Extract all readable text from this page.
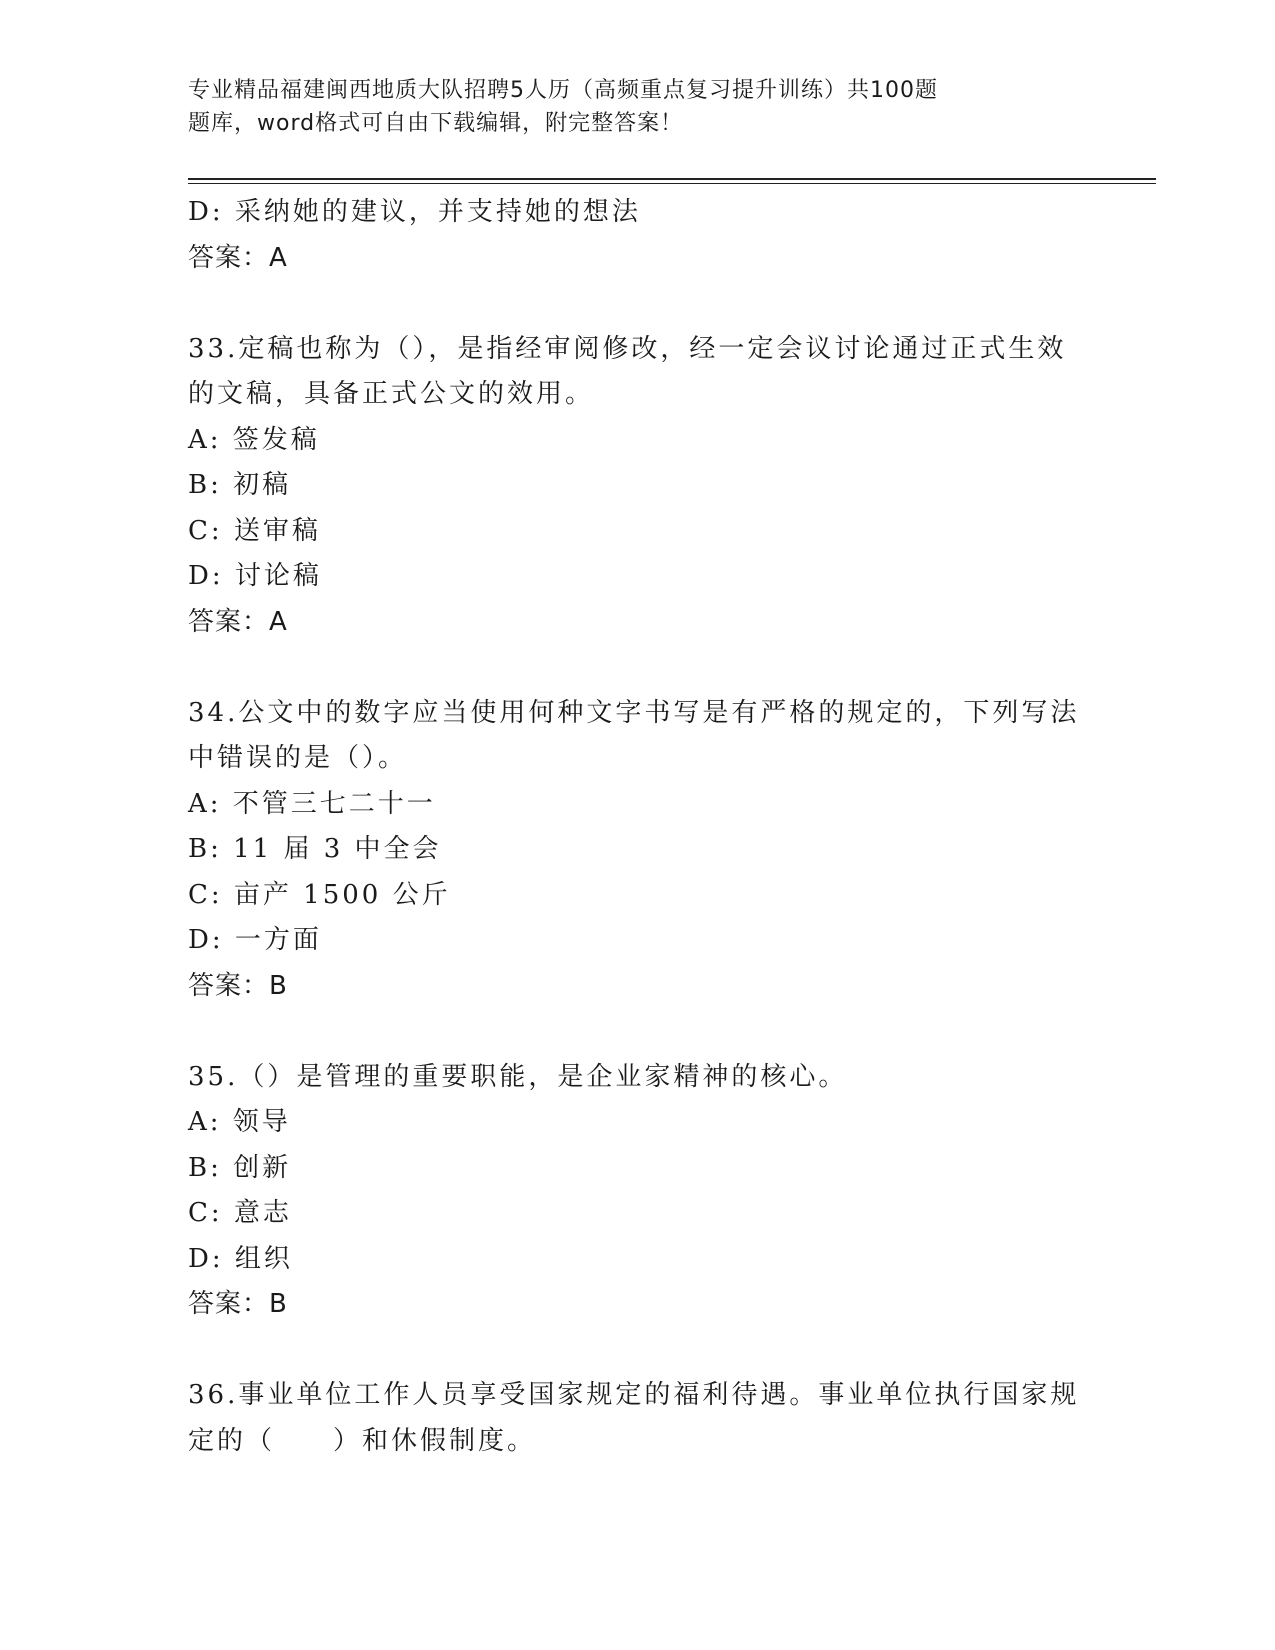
专业精品福建闽西地质大队招聘5人历（高频重点复习提升训练）共100题
题库，word格式可自由下载编辑，附完整答案！
D: 采纳她的建议，并支持她的想法
答案：A
33.定稿也称为（），是指经审阅修改，经一定会议讨论通过正式生效
的文稿，具备正式公文的效用。
A: 签发稿
B: 初稿
C: 送审稿
D: 讨论稿
答案：A
34.公文中的数字应当使用何种文字书写是有严格的规定的，下列写法
中错误的是（）。
A: 不管三七二十一
B: 11 届 3 中全会
C: 亩产 1500 公斤
D: 一方面
答案：B
35.（）是管理的重要职能，是企业家精神的核心。
A: 领导
B: 创新
C: 意志
D: 组织
答案：B
36.事业单位工作人员享受国家规定的福利待遇。事业单位执行国家规
定的（　　）和休假制度。
